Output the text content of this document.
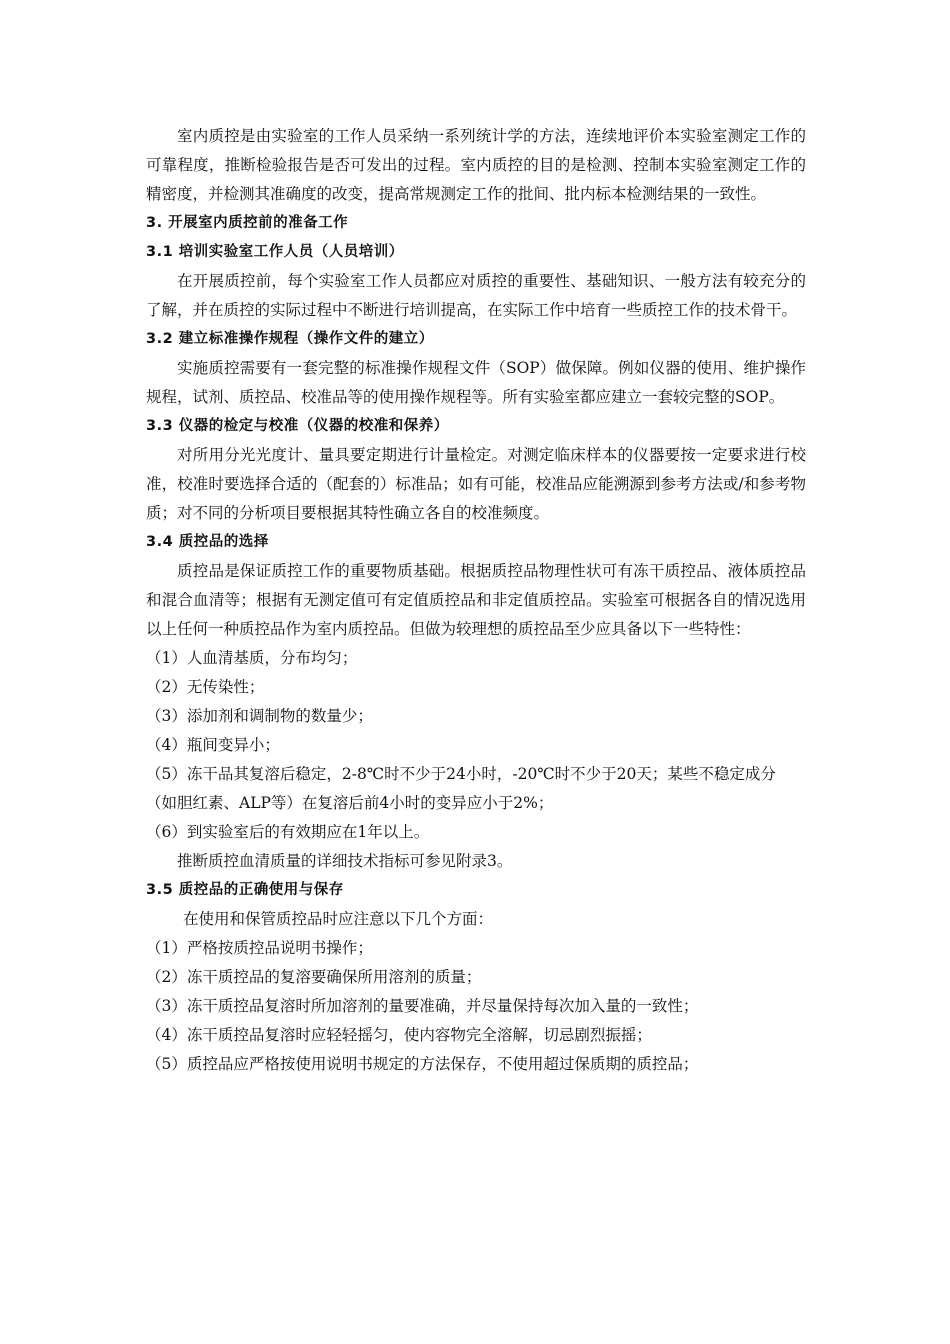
室内质控是由实验室的工作人员采纳一系列统计学的方法，连续地评价本实验室测定工作的可靠程度，推断检验报告是否可发出的过程。室内质控的目的是检测、控制本实验室测定工作的精密度，并检测其准确度的改变，提高常规测定工作的批间、批内标本检测结果的一致性。

3. 开展室内质控前的准备工作

3.1 培训实验室工作人员（人员培训）

在开展质控前，每个实验室工作人员都应对质控的重要性、基础知识、一般方法有较充分的了解，并在质控的实际过程中不断进行培训提高，在实际工作中培育一些质控工作的技术骨干。

3.2 建立标准操作规程（操作文件的建立）

实施质控需要有一套完整的标准操作规程文件（SOP）做保障。例如仪器的使用、维护操作规程，试剂、质控品、校准品等的使用操作规程等。所有实验室都应建立一套较完整的SOP。

3.3 仪器的检定与校准（仪器的校准和保养）

对所用分光光度计、量具要定期进行计量检定。对测定临床样本的仪器要按一定要求进行校准，校准时要选择合适的（配套的）标准品；如有可能，校准品应能溯源到参考方法或/和参考物质；对不同的分析项目要根据其特性确立各自的校准频度。

3.4 质控品的选择

质控品是保证质控工作的重要物质基础。根据质控品物理性状可有冻干质控品、液体质控品和混合血清等；根据有无测定值可有定值质控品和非定值质控品。实验室可根据各自的情况选用以上任何一种质控品作为室内质控品。但做为较理想的质控品至少应具备以下一些特性：

（1）人血清基质，分布均匀；

（2）无传染性；

（3）添加剂和调制物的数量少；

（4）瓶间变异小；

（5）冻干品其复溶后稳定，2-8℃时不少于24小时，-20℃时不少于20天；某些不稳定成分（如胆红素、ALP等）在复溶后前4小时的变异应小于2%；

（6）到实验室后的有效期应在1年以上。

推断质控血清质量的详细技术指标可参见附录3。

3.5 质控品的正确使用与保存

在使用和保管质控品时应注意以下几个方面：

（1）严格按质控品说明书操作；

（2）冻干质控品的复溶要确保所用溶剂的质量；

（3）冻干质控品复溶时所加溶剂的量要准确，并尽量保持每次加入量的一致性；

（4）冻干质控品复溶时应轻轻摇匀，使内容物完全溶解，切忌剧烈振摇；

（5）质控品应严格按使用说明书规定的方法保存，不使用超过保质期的质控品；
